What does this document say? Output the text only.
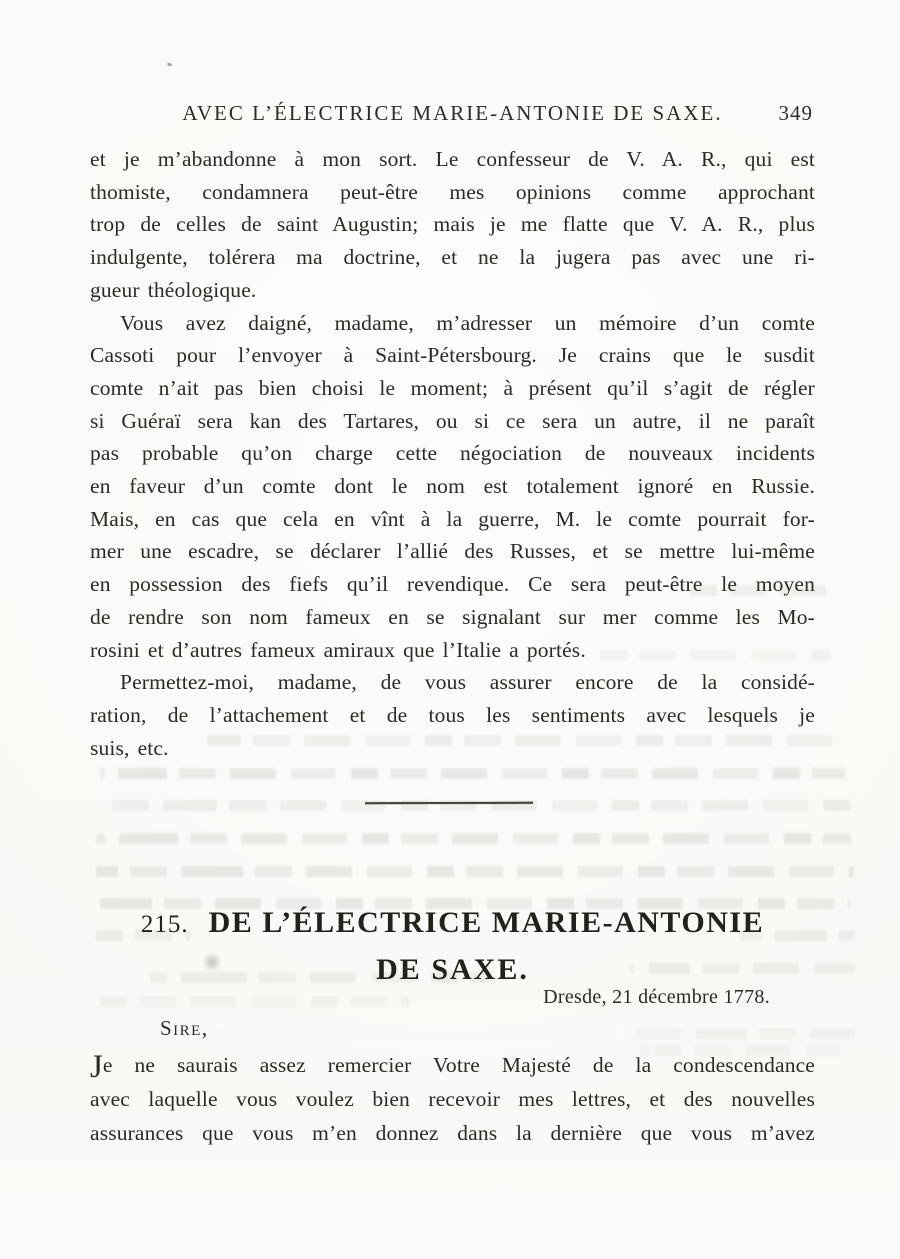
AVEC L’ÉLECTRICE MARIE-ANTONIE DE SAXE.	349
et je m’abandonne à mon sort. Le confesseur de V. A. R., qui est
thomiste, condamnera peut-être mes opinions comme approchant
trop de celles de saint Augustin; mais je me flatte que V. A. R., plus
indulgente, tolérera ma doctrine, et ne la jugera pas avec une ri-
gueur théologique.
Vous avez daigné, madame, m’adresser un mémoire d’un comte
Cassoti pour l’envoyer à Saint-Pétersbourg. Je crains que le susdit
comte n’ait pas bien choisi le moment; à présent qu’il s’agit de régler
si Guéraï sera kan des Tartares, ou si ce sera un autre, il ne paraît
pas probable qu’on charge cette négociation de nouveaux incidents
en faveur d’un comte dont le nom est totalement ignoré en Russie.
Mais, en cas que cela en vînt à la guerre, M. le comte pourrait for-
mer une escadre, se déclarer l’allié des Russes, et se mettre lui-même
en possession des fiefs qu’il revendique. Ce sera peut-être le moyen
de rendre son nom fameux en se signalant sur mer comme les Mo-
rosini et d’autres fameux amiraux que l’Italie a portés.
Permettez-moi, madame, de vous assurer encore de la considé-
ration, de l’attachement et de tous les sentiments avec lesquels je
suis, etc.
215. DE L’ÉLECTRICE MARIE-ANTONIE
DE SAXE.
Dresde, 21 décembre 1778.
Sire,
Je ne saurais assez remercier Votre Majesté de la condescendance
avec laquelle vous voulez bien recevoir mes lettres, et des nouvelles
assurances que vous m’en donnez dans la dernière que vous m’avez
